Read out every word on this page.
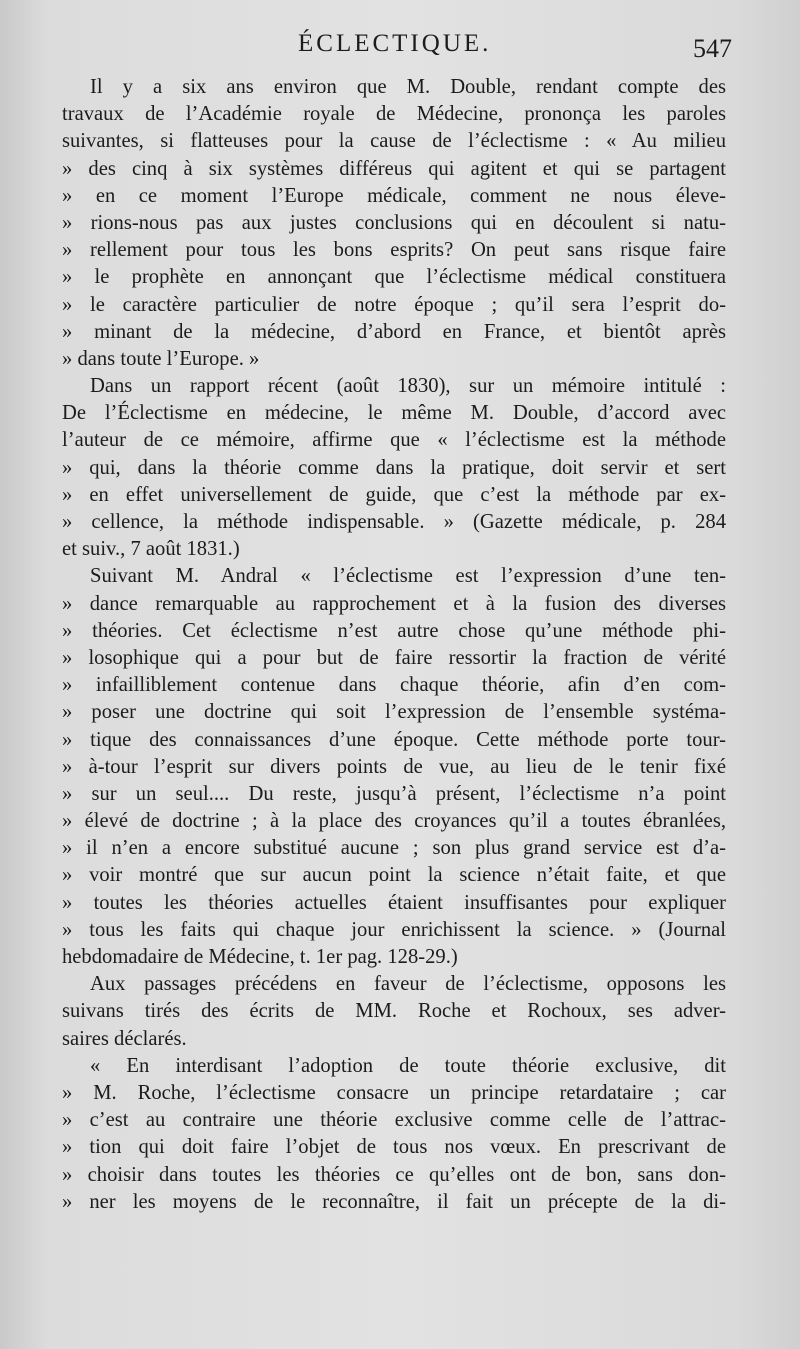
ÉCLECTIQUE.	547
Il y a six ans environ que M. Double, rendant compte des
travaux de l’Académie royale de Médecine, prononça les paroles
suivantes, si flatteuses pour la cause de l’éclectisme : « Au milieu
» des cinq à six systèmes différeus qui agitent et qui se partagent
» en ce moment l’Europe médicale, comment ne nous éleve-
» rions-nous pas aux justes conclusions qui en découlent si natu-
» rellement pour tous les bons esprits? On peut sans risque faire
» le prophète en annonçant que l’éclectisme médical constituera
» le caractère particulier de notre époque ; qu’il sera l’esprit do-
» minant de la médecine, d’abord en France, et bientôt après
» dans toute l’Europe. »
Dans un rapport récent (août 1830), sur un mémoire intitulé :
De l’Éclectisme en médecine, le même M. Double, d’accord avec
l’auteur de ce mémoire, affirme que « l’éclectisme est la méthode
» qui, dans la théorie comme dans la pratique, doit servir et sert
» en effet universellement de guide, que c’est la méthode par ex-
» cellence, la méthode indispensable. » (Gazette médicale, p. 284
et suiv., 7 août 1831.)
Suivant M. Andral « l’éclectisme est l’expression d’une ten-
» dance remarquable au rapprochement et à la fusion des diverses
» théories. Cet éclectisme n’est autre chose qu’une méthode phi-
» losophique qui a pour but de faire ressortir la fraction de vérité
» infailliblement contenue dans chaque théorie, afin d’en com-
» poser une doctrine qui soit l’expression de l’ensemble systéma-
» tique des connaissances d’une époque. Cette méthode porte tour-
» à-tour l’esprit sur divers points de vue, au lieu de le tenir fixé
» sur un seul.... Du reste, jusqu’à présent, l’éclectisme n’a point
» élevé de doctrine ; à la place des croyances qu’il a toutes ébranlées,
» il n’en a encore substitué aucune ; son plus grand service est d’a-
» voir montré que sur aucun point la science n’était faite, et que
» toutes les théories actuelles étaient insuffisantes pour expliquer
» tous les faits qui chaque jour enrichissent la science. » (Journal
hebdomadaire de Médecine, t. 1er pag. 128-29.)
Aux passages précédens en faveur de l’éclectisme, opposons les
suivans tirés des écrits de MM. Roche et Rochoux, ses adver-
saires déclarés.
« En interdisant l’adoption de toute théorie exclusive, dit
» M. Roche, l’éclectisme consacre un principe retardataire ; car
» c’est au contraire une théorie exclusive comme celle de l’attrac-
» tion qui doit faire l’objet de tous nos vœux. En prescrivant de
» choisir dans toutes les théories ce qu’elles ont de bon, sans don-
» ner les moyens de le reconnaître, il fait un précepte de la di-
